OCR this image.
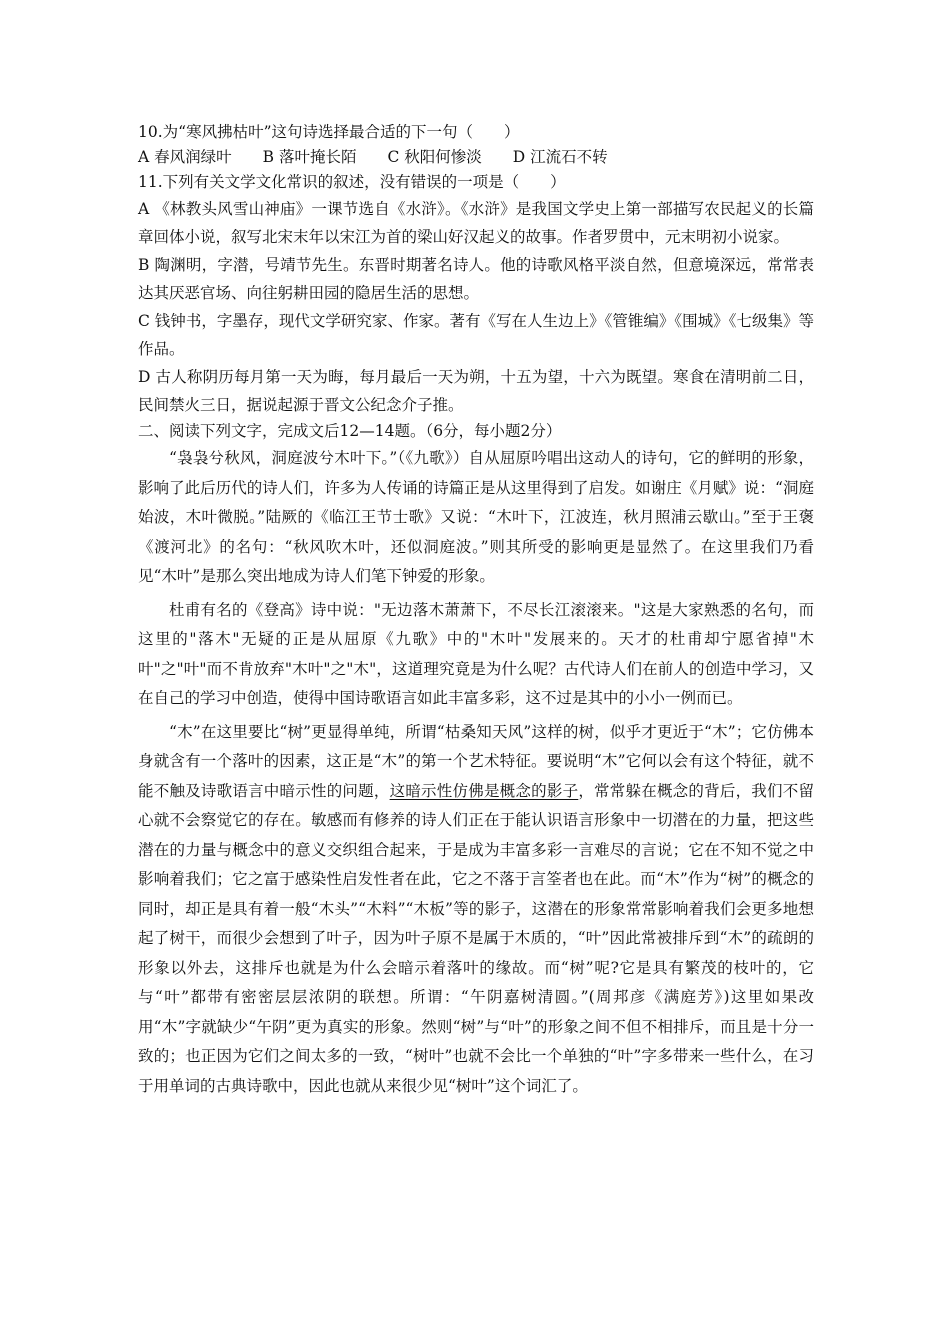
10.为“寒风拂枯叶”这句诗选择最合适的下一句（　　）
A 春风润绿叶　　B 落叶掩长陌　　C 秋阳何惨淡　　D 江流石不转
11.下列有关文学文化常识的叙述，没有错误的一项是（　　）

A 《林教头风雪山神庙》一课节选自《水浒》。《水浒》是我国文学史上第一部描写农民起义的长篇章回体小说，叙写北宋末年以宋江为首的梁山好汉起义的故事。作者罗贯中，元末明初小说家。

B 陶渊明，字潜，号靖节先生。东晋时期著名诗人。他的诗歌风格平淡自然，但意境深远，常常表达其厌恶官场、向往躬耕田园的隐居生活的思想。

C 钱钟书，字墨存，现代文学研究家、作家。著有《写在人生边上》《管锥编》《围城》《七级集》等作品。

D 古人称阴历每月第一天为晦，每月最后一天为朔，十五为望，十六为既望。寒食在清明前二日，民间禁火三日，据说起源于晋文公纪念介子推。

二、阅读下列文字，完成文后12—14题。（6分，每小题2分）

“袅袅兮秋风，洞庭波兮木叶下。”（《九歌》）自从屈原吟唱出这动人的诗句，它的鲜明的形象，影响了此后历代的诗人们，许多为人传诵的诗篇正是从这里得到了启发。如谢庄《月赋》说：“洞庭始波，木叶微脱。”陆厥的《临江王节士歌》又说：“木叶下，江波连，秋月照浦云歇山。”至于王褒《渡河北》的名句：“秋风吹木叶，还似洞庭波。”则其所受的影响更是显然了。在这里我们乃看见“木叶”是那么突出地成为诗人们笔下钟爱的形象。

杜甫有名的《登高》诗中说："无边落木萧萧下，不尽长江滚滚来。"这是大家熟悉的名句，而这里的"落木"无疑的正是从屈原《九歌》中的"木叶"发展来的。天才的杜甫却宁愿省掉"木叶"之"叶"而不肯放弃"木叶"之"木"，这道理究竟是为什么呢？古代诗人们在前人的创造中学习，又在自己的学习中创造，使得中国诗歌语言如此丰富多彩，这不过是其中的小小一例而已。

“木”在这里要比“树”更显得单纯，所谓“枯桑知天风”这样的树，似乎才更近于“木”；它仿佛本身就含有一个落叶的因素，这正是“木”的第一个艺术特征。要说明“木”它何以会有这个特征，就不能不触及诗歌语言中暗示性的问题，这暗示性仿佛是概念的影子，常常躲在概念的背后，我们不留心就不会察觉它的存在。敏感而有修养的诗人们正在于能认识语言形象中一切潜在的力量，把这些潜在的力量与概念中的意义交织组合起来，于是成为丰富多彩一言难尽的言说；它在不知不觉之中影响着我们；它之富于感染性启发性者在此，它之不落于言筌者也在此。而“木”作为“树”的概念的同时，却正是具有着一般“木头”“木料”“木板”等的影子，这潜在的形象常常影响着我们会更多地想起了树干，而很少会想到了叶子，因为叶子原不是属于木质的，“叶”因此常被排斥到“木”的疏朗的形象以外去，这排斥也就是为什么会暗示着落叶的缘故。而“树”呢?它是具有繁茂的枝叶的，它与“叶”都带有密密层层浓阴的联想。所谓：“午阴嘉树清圆。”(周邦彦《满庭芳》)这里如果改用“木”字就缺少“午阴”更为真实的形象。然则“树”与“叶”的形象之间不但不相排斥，而且是十分一致的；也正因为它们之间太多的一致，“树叶”也就不会比一个单独的“叶”字多带来一些什么，在习于用单词的古典诗歌中，因此也就从来很少见“树叶”这个词汇了。
